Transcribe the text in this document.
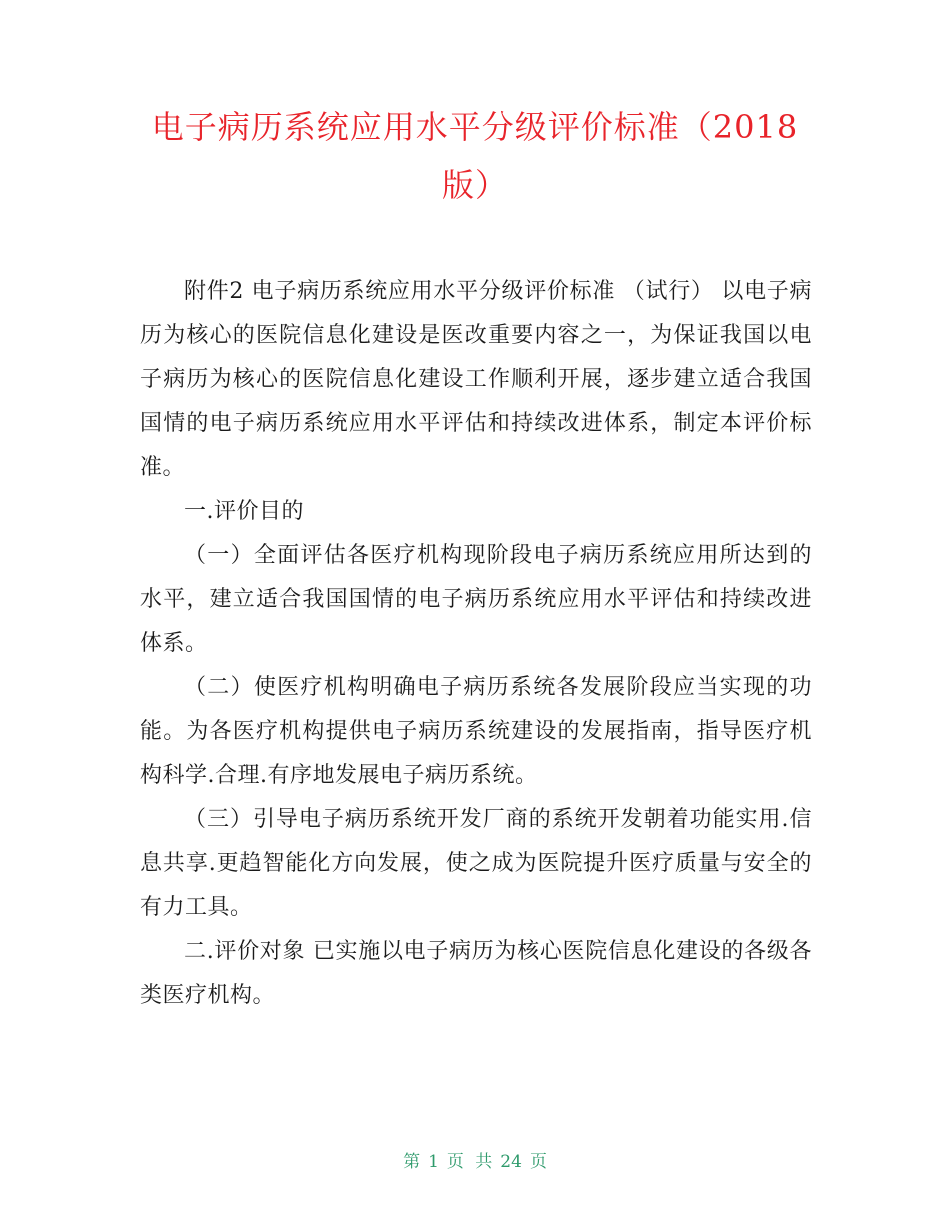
电子病历系统应用水平分级评价标准（2018版）

附件2 电子病历系统应用水平分级评价标准 （试行） 以电子病历为核心的医院信息化建设是医改重要内容之一，为保证我国以电子病历为核心的医院信息化建设工作顺利开展，逐步建立适合我国国情的电子病历系统应用水平评估和持续改进体系，制定本评价标准。

一.评价目的

（一）全面评估各医疗机构现阶段电子病历系统应用所达到的水平，建立适合我国国情的电子病历系统应用水平评估和持续改进体系。

（二）使医疗机构明确电子病历系统各发展阶段应当实现的功能。为各医疗机构提供电子病历系统建设的发展指南，指导医疗机构科学.合理.有序地发展电子病历系统。

（三）引导电子病历系统开发厂商的系统开发朝着功能实用.信息共享.更趋智能化方向发展，使之成为医院提升医疗质量与安全的有力工具。

二.评价对象 已实施以电子病历为核心医院信息化建设的各级各类医疗机构。

第 1 页 共 24 页
